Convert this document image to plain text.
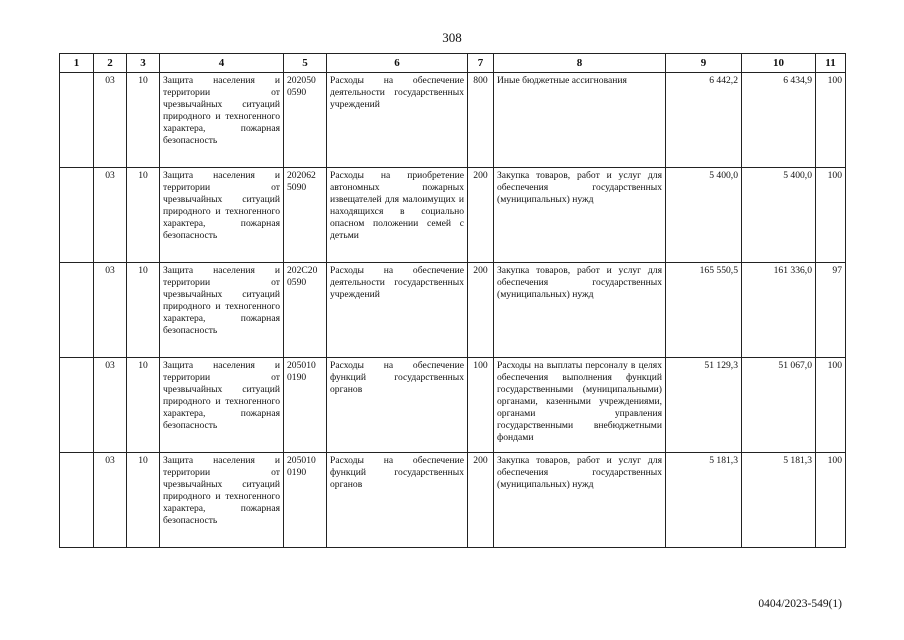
308
1	2	3	4	5	6	7	8	9	10	11
	03	10	Защита населения и территории от чрезвычайных ситуаций природного и техногенного характера, пожарная безопасность	202050 0590	Расходы на обеспечение деятельности государственных учреждений	800	Иные бюджетные ассигнования	6 442,2	6 434,9	100
	03	10	Защита населения и территории от чрезвычайных ситуаций природного и техногенного характера, пожарная безопасность	202062 5090	Расходы на приобретение автономных пожарных извещателей для малоимущих и находящихся в социально опасном положении семей с детьми	200	Закупка товаров, работ и услуг для обеспечения государственных (муниципальных) нужд	5 400,0	5 400,0	100
	03	10	Защита населения и территории от чрезвычайных ситуаций природного и техногенного характера, пожарная безопасность	202С20 0590	Расходы на обеспечение деятельности государственных учреждений	200	Закупка товаров, работ и услуг для обеспечения государственных (муниципальных) нужд	165 550,5	161 336,0	97
	03	10	Защита населения и территории от чрезвычайных ситуаций природного и техногенного характера, пожарная безопасность	205010 0190	Расходы на обеспечение функций государственных органов	100	Расходы на выплаты персоналу в целях обеспечения выполнения функций государственными (муниципальными) органами, казенными учреждениями, органами управления государственными внебюджетными фондами	51 129,3	51 067,0	100
	03	10	Защита населения и территории от чрезвычайных ситуаций природного и техногенного характера, пожарная безопасность	205010 0190	Расходы на обеспечение функций государственных органов	200	Закупка товаров, работ и услуг для обеспечения государственных (муниципальных) нужд	5 181,3	5 181,3	100
0404/2023-549(1)
